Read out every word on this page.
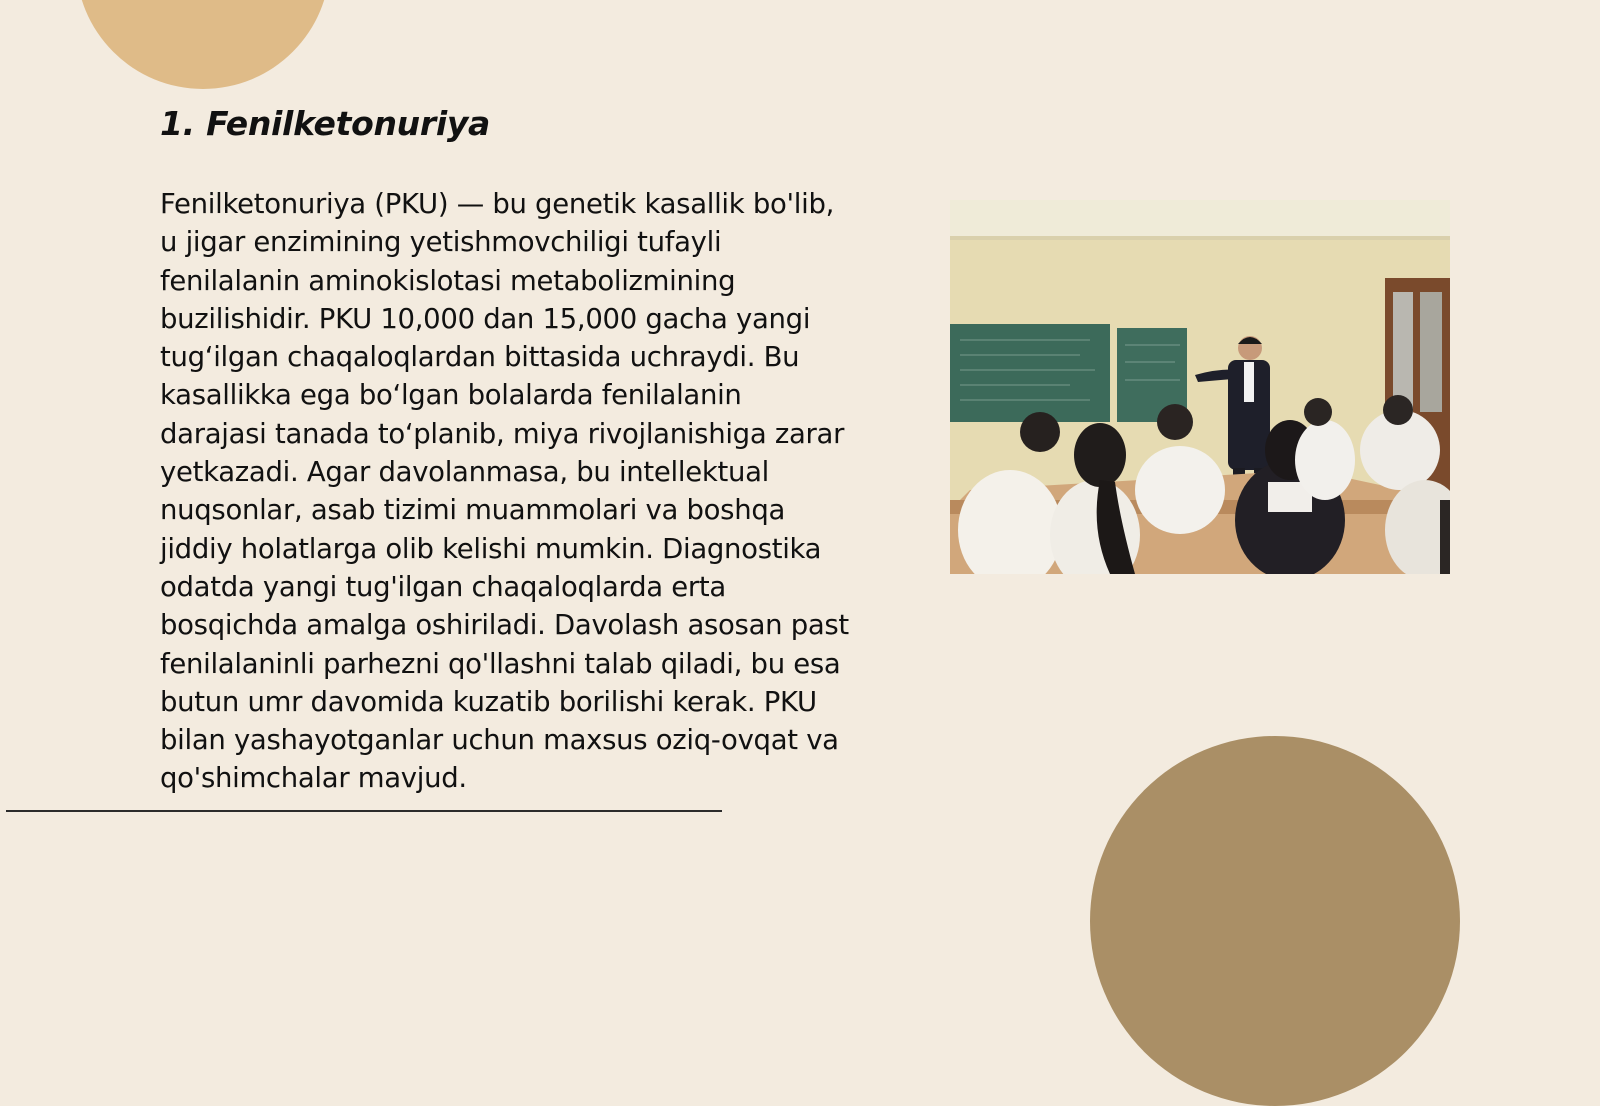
1. Fenilketonuriya

Fenilketonuriya (PKU) — bu genetik kasallik bo'lib, u jigar enzimining yetishmovchiligi tufayli fenilalanin aminokislotasi metabolizmining buzilishidir. PKU 10,000 dan 15,000 gacha yangi tug‘ilgan chaqaloqlardan bittasida uchraydi. Bu kasallikka ega bo‘lgan bolalarda fenilalanin darajasi tanada to‘planib, miya rivojlanishiga zarar yetkazadi. Agar davolanmasa, bu intellektual nuqsonlar, asab tizimi muammolari va boshqa jiddiy holatlarga olib kelishi mumkin. Diagnostika odatda yangi tug'ilgan chaqaloqlarda erta bosqichda amalga oshiriladi. Davolash asosan past fenilalaninli parhezni qo'llashni talab qiladi, bu esa butun umr davomida kuzatib borilishi kerak. PKU bilan yashayotganlar uchun maxsus oziq-ovqat va qo'shimchalar mavjud.
